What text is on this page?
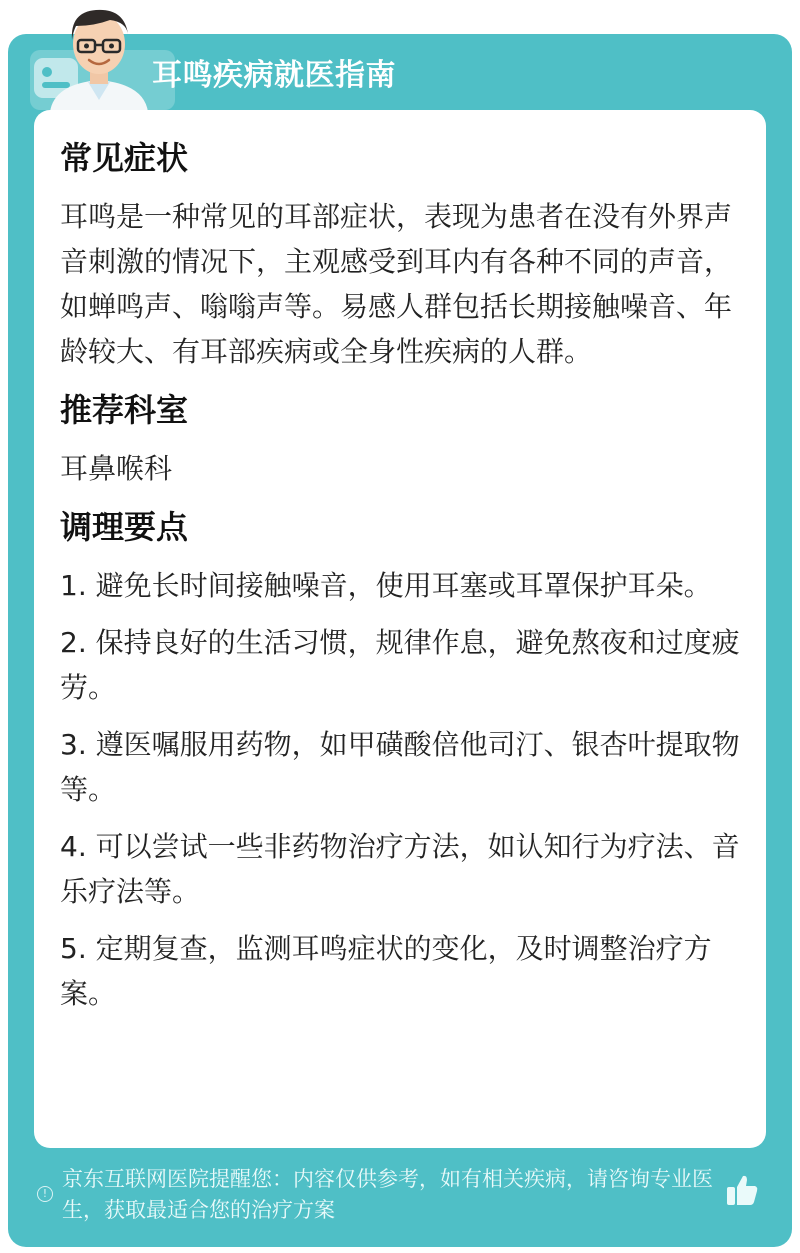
耳鸣疾病就医指南
常见症状
耳鸣是一种常见的耳部症状，表现为患者在没有外界声音刺激的情况下，主观感受到耳内有各种不同的声音，如蝉鸣声、嗡嗡声等。易感人群包括长期接触噪音、年龄较大、有耳部疾病或全身性疾病的人群。
推荐科室
耳鼻喉科
调理要点
1. 避免长时间接触噪音，使用耳塞或耳罩保护耳朵。
2. 保持良好的生活习惯，规律作息，避免熬夜和过度疲劳。
3. 遵医嘱服用药物，如甲磺酸倍他司汀、银杏叶提取物等。
4. 可以尝试一些非药物治疗方法，如认知行为疗法、音乐疗法等。
5. 定期复查，监测耳鸣症状的变化，及时调整治疗方案。
!
京东互联网医院提醒您：内容仅供参考，如有相关疾病，请咨询专业医生，获取最适合您的治疗方案
